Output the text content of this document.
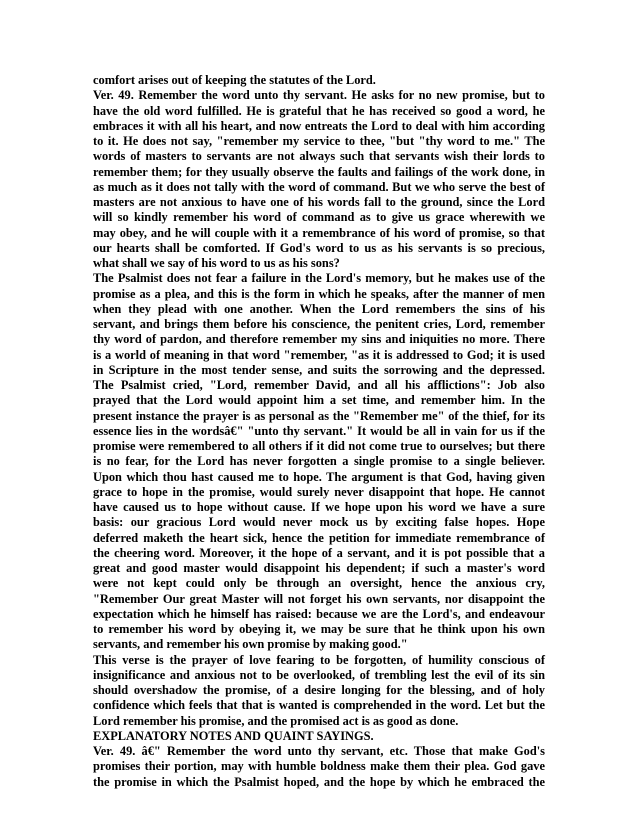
comfort arises out of keeping the statutes of the Lord.
Ver. 49. Remember the word unto thy servant. He asks for no new promise, but to
have the old word fulfilled. He is grateful that he has received so good a word, he
embraces it with all his heart, and now entreats the Lord to deal with him according
to it. He does not say, "remember my service to thee, "but "thy word to me." The
words of masters to servants are not always such that servants wish their lords to
remember them; for they usually observe the faults and failings of the work done, in
as much as it does not tally with the word of command. But we who serve the best of
masters are not anxious to have one of his words fall to the ground, since the Lord
will so kindly remember his word of command as to give us grace wherewith we
may obey, and he will couple with it a remembrance of his word of promise, so that
our hearts shall be comforted. If God's word to us as his servants is so precious,
what shall we say of his word to us as his sons?
The Psalmist does not fear a failure in the Lord's memory, but he makes use of the
promise as a plea, and this is the form in which he speaks, after the manner of men
when they plead with one another. When the Lord remembers the sins of his
servant, and brings them before his conscience, the penitent cries, Lord, remember
thy word of pardon, and therefore remember my sins and iniquities no more. There
is a world of meaning in that word "remember, "as it is addressed to God; it is used
in Scripture in the most tender sense, and suits the sorrowing and the depressed.
The Psalmist cried, "Lord, remember David, and all his afflictions": Job also
prayed that the Lord would appoint him a set time, and remember him. In the
present instance the prayer is as personal as the "Remember me" of the thief, for its
essence lies in the wordsâ€" "unto thy servant." It would be all in vain for us if the
promise were remembered to all others if it did not come true to ourselves; but there
is no fear, for the Lord has never forgotten a single promise to a single believer.
Upon which thou hast caused me to hope. The argument is that God, having given
grace to hope in the promise, would surely never disappoint that hope. He cannot
have caused us to hope without cause. If we hope upon his word we have a sure
basis: our gracious Lord would never mock us by exciting false hopes. Hope
deferred maketh the heart sick, hence the petition for immediate remembrance of
the cheering word. Moreover, it the hope of a servant, and it is pot possible that a
great and good master would disappoint his dependent; if such a master's word
were not kept could only be through an oversight, hence the anxious cry,
"Remember Our great Master will not forget his own servants, nor disappoint the
expectation which he himself has raised: because we are the Lord's, and endeavour
to remember his word by obeying it, we may be sure that he think upon his own
servants, and remember his own promise by making good."
This verse is the prayer of love fearing to be forgotten, of humility conscious of
insignificance and anxious not to be overlooked, of trembling lest the evil of its sin
should overshadow the promise, of a desire longing for the blessing, and of holy
confidence which feels that that is wanted is comprehended in the word. Let but the
Lord remember his promise, and the promised act is as good as done.
EXPLANATORY NOTES AND QUAINT SAYINGS.
Ver. 49. â€" Remember the word unto thy servant, etc. Those that make God's
promises their portion, may with humble boldness make them their plea. God gave
the promise in which the Psalmist hoped, and the hope by which he embraced the
